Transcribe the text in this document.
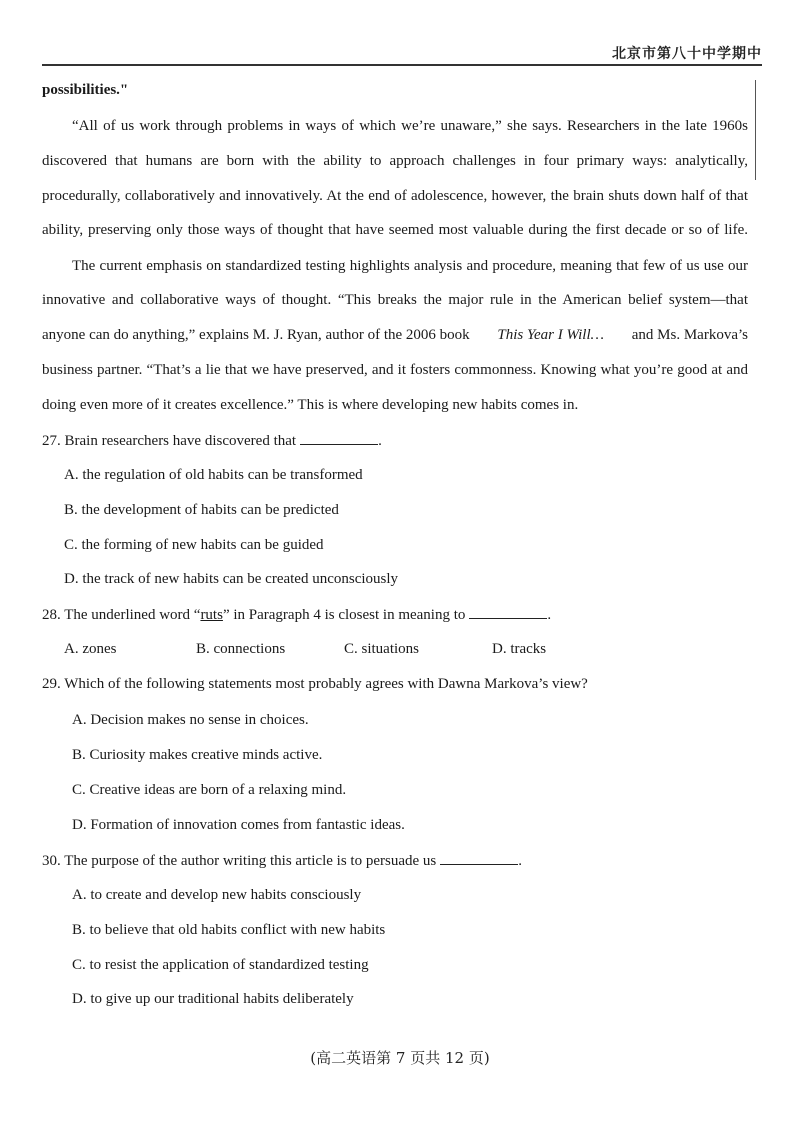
北京市第八十中学期中
possibilities."
“All of us work through problems in ways of which we’re unaware,” she says. Researchers in the late 1960s
discovered that humans are born with the ability to approach challenges in four primary ways: analytically,
procedurally, collaboratively and innovatively. At the end of adolescence, however, the brain shuts down half of that
ability, preserving only those ways of thought that have seemed most valuable during the first decade or so of life.
The current emphasis on standardized testing highlights analysis and procedure, meaning that few of us use our
innovative and collaborative ways of thought. “This breaks the major rule in the American belief system—that
anyone can do anything,” explains M. J. Ryan, author of the 2006 book This Year I Will… and Ms. Markova’s
business partner. “That’s a lie that we have preserved, and it fosters commonness. Knowing what you’re good at and
doing even more of it creates excellence.” This is where developing new habits comes in.
27. Brain researchers have discovered that	.
A. the regulation of old habits can be transformed
B. the development of habits can be predicted
C. the forming of new habits can be guided
D. the track of new habits can be created unconsciously
28. The underlined word “ruts” in Paragraph 4 is closest in meaning to	.
A. zones	B. connections	C. situations	D. tracks
29. Which of the following statements most probably agrees with Dawna Markova’s view?
A. Decision makes no sense in choices.
B. Curiosity makes creative minds active.
C. Creative ideas are born of a relaxing mind.
D. Formation of innovation comes from fantastic ideas.
30. The purpose of the author writing this article is to persuade us	.
A. to create and develop new habits consciously
B. to believe that old habits conflict with new habits
C. to resist the application of standardized testing
D. to give up our traditional habits deliberately
(高二英语第 7 页共 12 页)
